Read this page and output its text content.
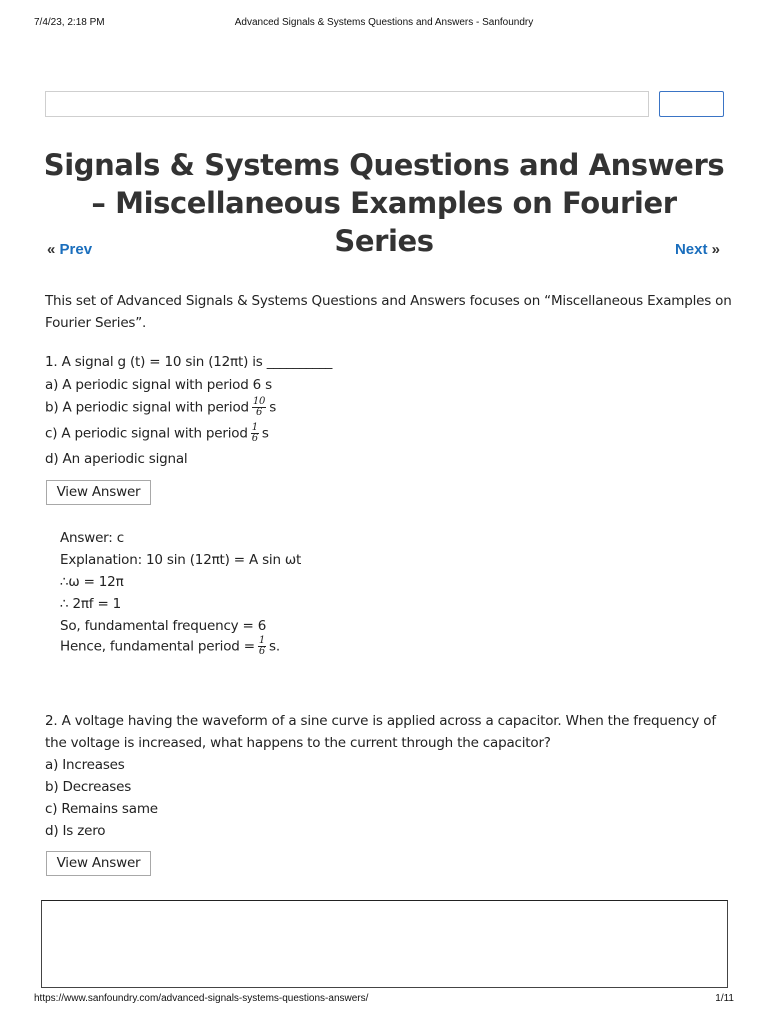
7/4/23, 2:18 PM	Advanced Signals & Systems Questions and Answers - Sanfoundry
Signals & Systems Questions and Answers – Miscellaneous Examples on Fourier Series
« Prev	Next »

This set of Advanced Signals & Systems Questions and Answers focuses on “Miscellaneous Examples on Fourier Series”.

1. A signal g (t) = 10 sin (12πt) is __________
a) A periodic signal with period 6 s
b) A periodic signal with period $\frac{10}{6}$ s
c) A periodic signal with period $\frac{1}{6}$ s
d) An aperiodic signal
View Answer
Answer: c
Explanation: 10 sin (12πt) = A sin ωt
∴ω = 12π
∴ 2πf = 1
So, fundamental frequency = 6
Hence, fundamental period = $\frac{1}{6} s$.

2. A voltage having the waveform of a sine curve is applied across a capacitor. When the frequency of the voltage is increased, what happens to the current through the capacitor?

a) Increases
b) Decreases
c) Remains same
d) Is zero
View Answer
https://www.sanfoundry.com/advanced-signals-systems-questions-answers/	1/11
